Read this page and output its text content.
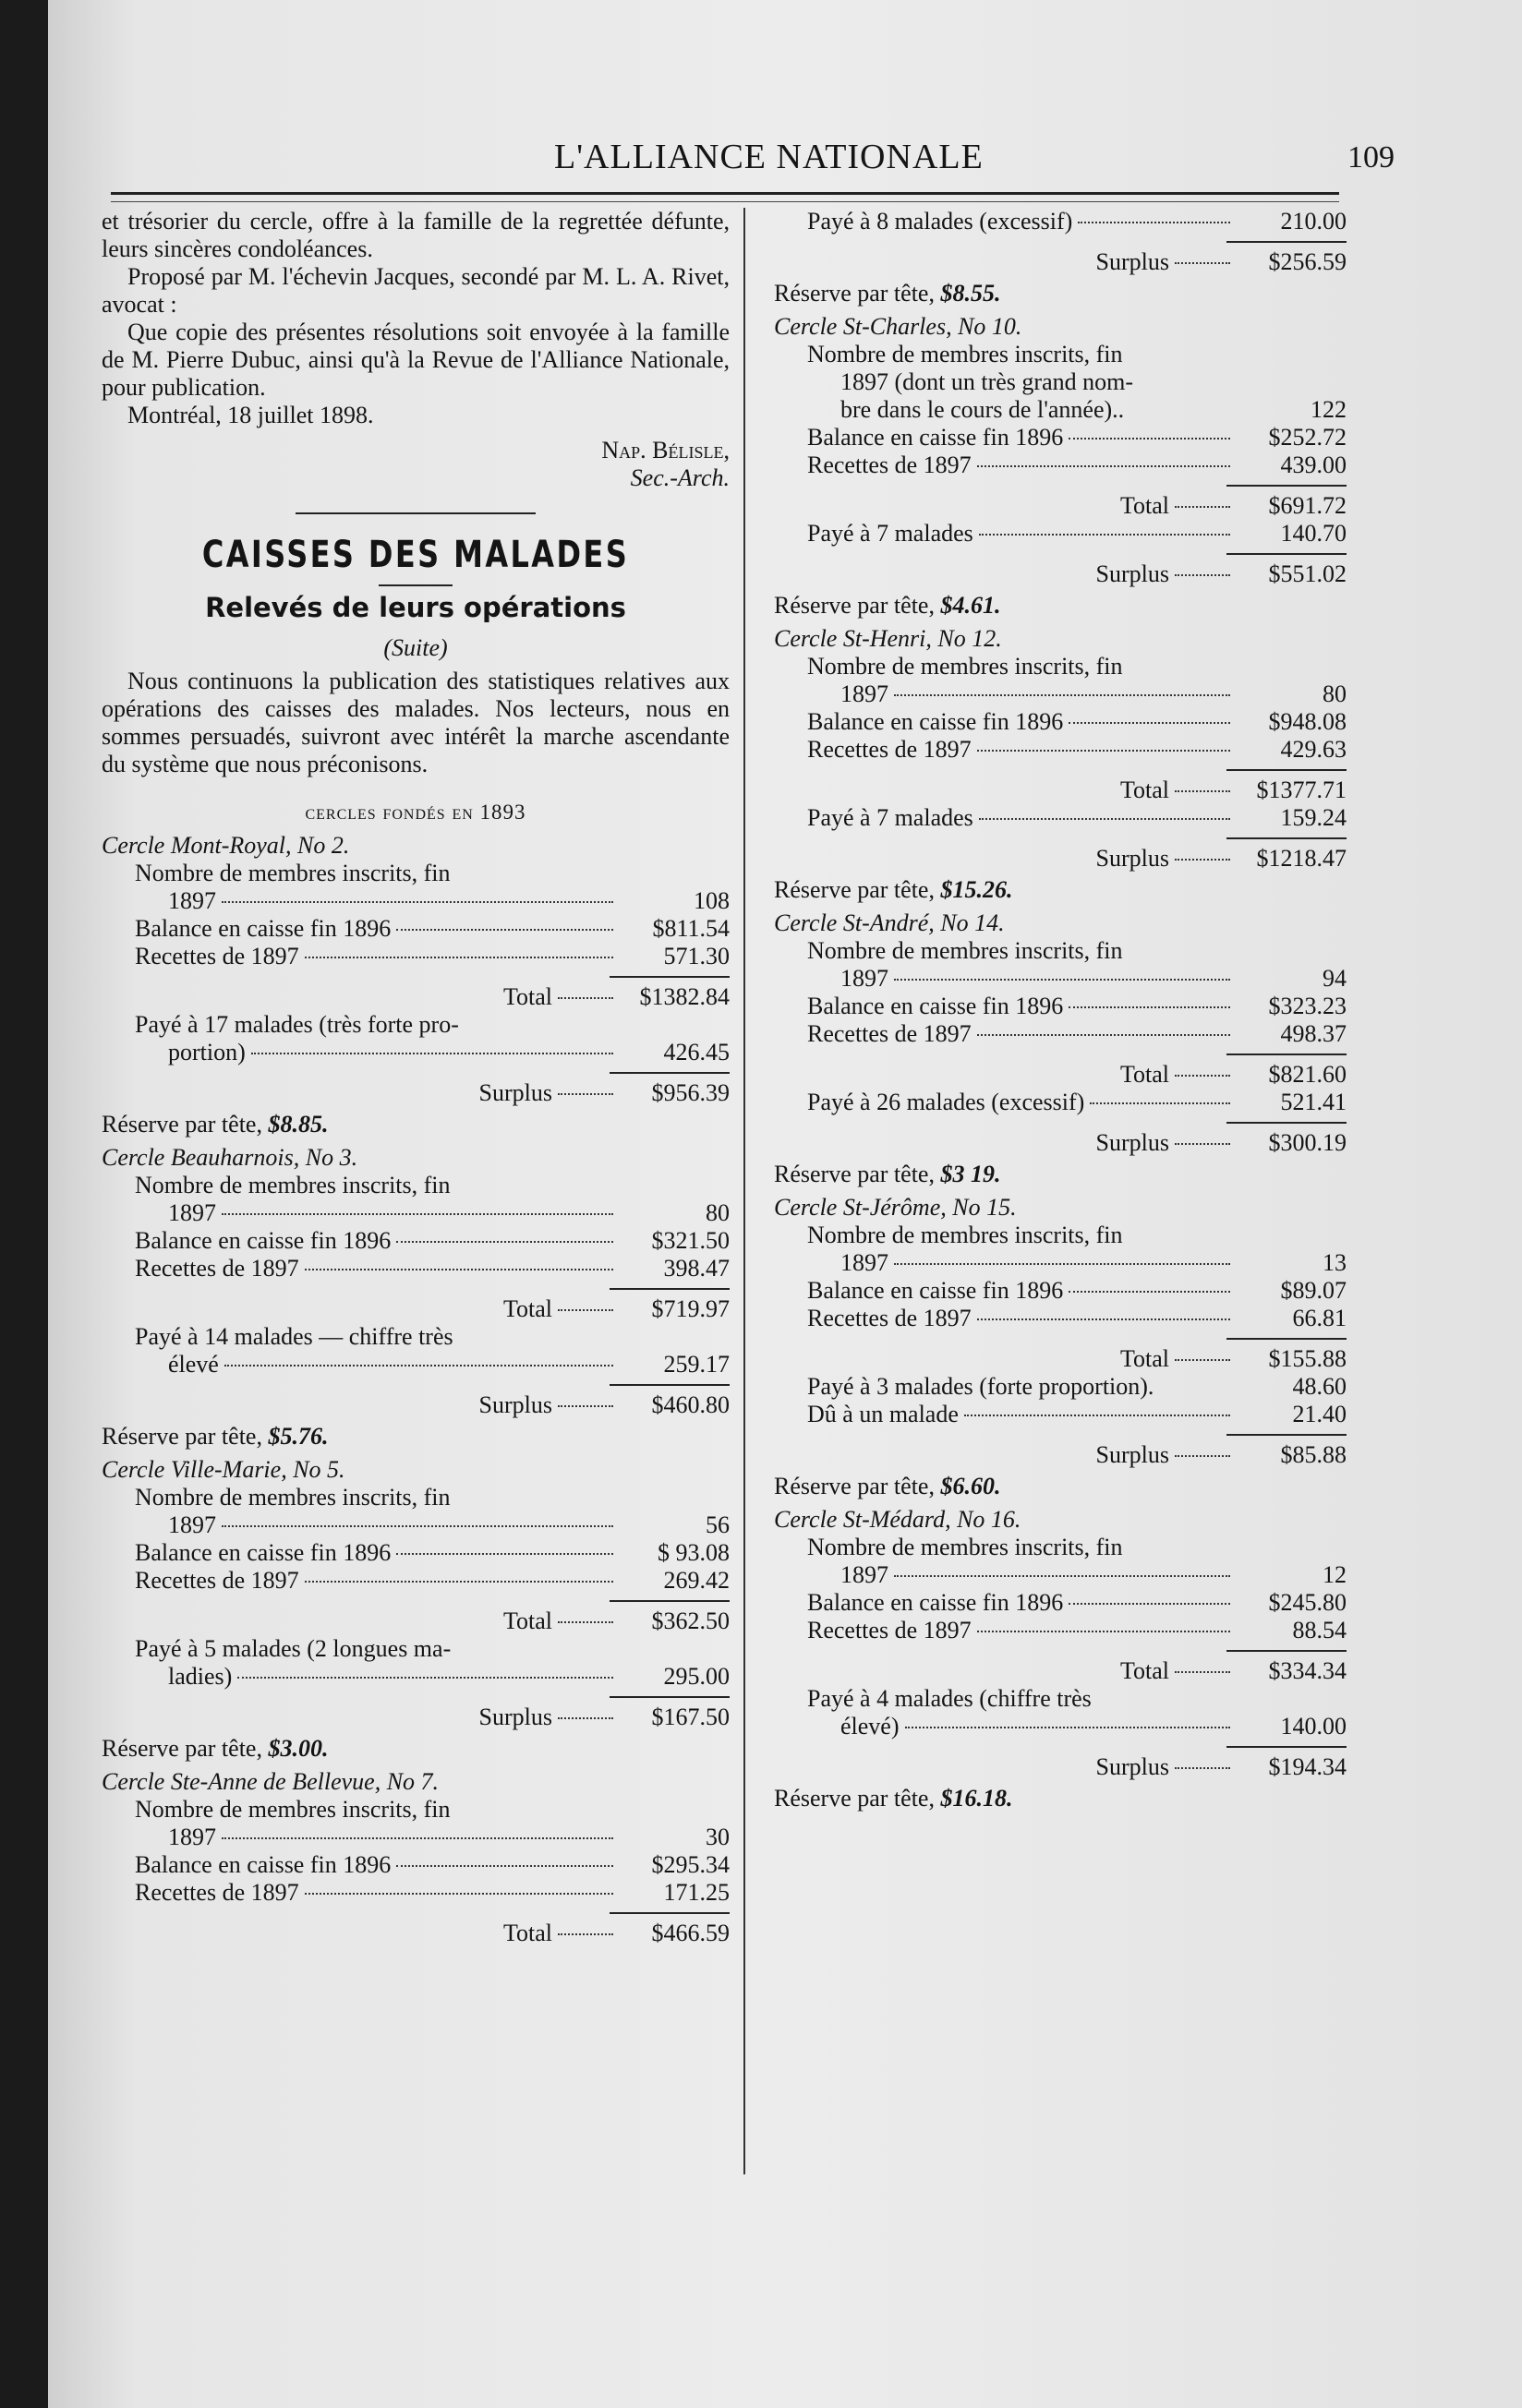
L'ALLIANCE NATIONALE	109

et trésorier du cercle, offre à la famille de la regrettée défunte, leurs sincères condoléances.

Proposé par M. l'échevin Jacques, secondé par M. L. A. Rivet, avocat :

Que copie des présentes résolutions soit envoyée à la famille de M. Pierre Dubuc, ainsi qu'à la Revue de l'Alliance Nationale, pour publication.

Montréal, 18 juillet 1898.

Nap. Bélisle,

Sec.-Arch.

CAISSES DES MALADES

Relevés de leurs opérations

(Suite)

Nous continuons la publication des statistiques relatives aux opérations des caisses des malades. Nos lecteurs, nous en sommes persuadés, suivront avec intérêt la marche ascendante du système que nous préconisons.

cercles fondés en 1893

Cercle Mont-Royal, No 2.

Nombre de membres inscrits, fin
1897	108
Balance en caisse fin 1896	$811.54
Recettes de 1897	571.30
Total	$1382.84
Payé à 17 malades (très forte pro-
portion)	426.45
Surplus	$956.39

Réserve par tête, $8.85.

Cercle Beauharnois, No 3.

Nombre de membres inscrits, fin
1897	80
Balance en caisse fin 1896	$321.50
Recettes de 1897	398.47
Total	$719.97
Payé à 14 malades — chiffre très
élevé	259.17
Surplus	$460.80

Réserve par tête, $5.76.

Cercle Ville-Marie, No 5.

Nombre de membres inscrits, fin
1897	56
Balance en caisse fin 1896	$ 93.08
Recettes de 1897	269.42
Total	$362.50
Payé à 5 malades (2 longues ma-
ladies)	295.00
Surplus	$167.50

Réserve par tête, $3.00.

Cercle Ste-Anne de Bellevue, No 7.

Nombre de membres inscrits, fin
1897	30
Balance en caisse fin 1896	$295.34
Recettes de 1897	171.25
Total	$466.59
Payé à 8 malades (excessif)	210.00
Surplus	$256.59

Réserve par tête, $8.55.

Cercle St-Charles, No 10.

Nombre de membres inscrits, fin
1897 (dont un très grand nom-
bre dans le cours de l'année)..	122
Balance en caisse fin 1896	$252.72
Recettes de 1897	439.00
Total	$691.72
Payé à 7 malades	140.70
Surplus	$551.02

Réserve par tête, $4.61.

Cercle St-Henri, No 12.

Nombre de membres inscrits, fin
1897	80
Balance en caisse fin 1896	$948.08
Recettes de 1897	429.63
Total	$1377.71
Payé à 7 malades	159.24
Surplus	$1218.47

Réserve par tête, $15.26.

Cercle St-André, No 14.

Nombre de membres inscrits, fin
1897	94
Balance en caisse fin 1896	$323.23
Recettes de 1897	498.37
Total	$821.60
Payé à 26 malades (excessif)	521.41
Surplus	$300.19

Réserve par tête, $3 19.

Cercle St-Jérôme, No 15.

Nombre de membres inscrits, fin
1897	13
Balance en caisse fin 1896	$89.07
Recettes de 1897	66.81
Total	$155.88
Payé à 3 malades (forte proportion).	48.60
Dû à un malade	21.40
Surplus	$85.88

Réserve par tête, $6.60.

Cercle St-Médard, No 16.

Nombre de membres inscrits, fin
1897	12
Balance en caisse fin 1896	$245.80
Recettes de 1897	88.54
Total	$334.34
Payé à 4 malades (chiffre très
élevé)	140.00
Surplus	$194.34

Réserve par tête, $16.18.
